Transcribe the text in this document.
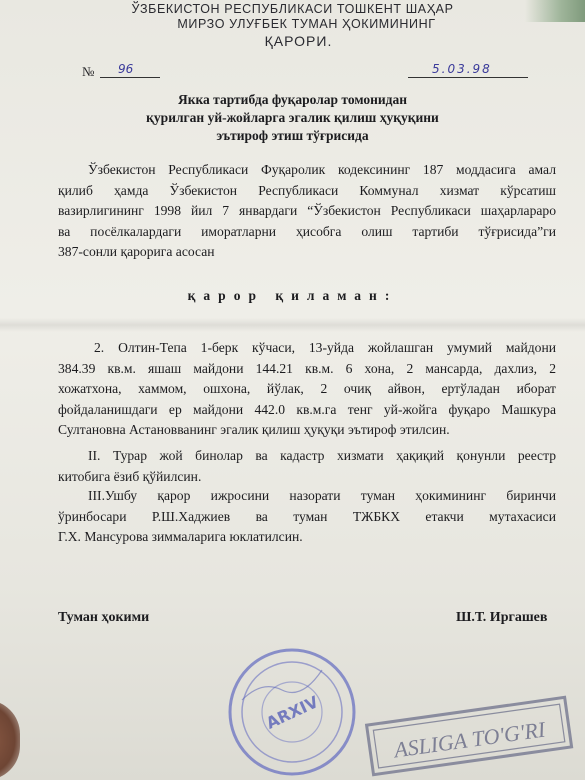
ЎЗБЕКИСТОН РЕСПУБЛИКАСИ ТОШКЕНТ ШАҲАР
МИРЗО УЛУҒБЕК ТУМАН ҲОКИМИНИНГ
ҚАРОРИ.
№ 96	5.03.98
Якка тартибда фуқаролар томонидан
қурилган уй-жойларга эгалик қилиш ҳуқуқини
эътироф этиш тўғрисида
Ўзбекистон Республикаси Фуқаролик кодексининг 187 моддасига амал
қилиб ҳамда Ўзбекистон Республикаси Коммунал хизмат кўрсатиш
вазирлигининг 1998 йил 7 январдаги “Ўзбекистон Республикаси шаҳарлараро
ва посёлкалардаги иморатларни ҳисобга олиш тартиби тўғрисида”ги
387-сонли қарорига асосан
қарор қиламан:
2. Олтин-Тепа 1-берк кўчаси, 13-уйда жойлашган умумий майдони
384.39 кв.м. яшаш майдони 144.21 кв.м. 6 хона, 2 мансарда, дахлиз, 2
хожатхона, хаммом, ошхона, йўлак, 2 очиқ айвон, ертўладан иборат
фойдаланишдаги ер майдони 442.0 кв.м.га тенг уй-жойга фуқаро Машкура
Султановна Астановванинг эгалик қилиш ҳуқуқи эътироф этилсин.
II. Турар жой бинолар ва кадастр хизмати ҳақиқий қонунли реестр
китобига ёзиб қўйилсин.
III.Ушбу қарор ижросини назорати туман ҳокимининг биринчи
ўринбосари Р.Ш.Хаджиев ва туман ТЖБКХ етакчи мутахасиси
Г.Х. Мансурова зиммаларига юклатилсин.
Туман ҳокими	Ш.Т. Иргашев
ARXIV
ASLIGA TO'G'RI
